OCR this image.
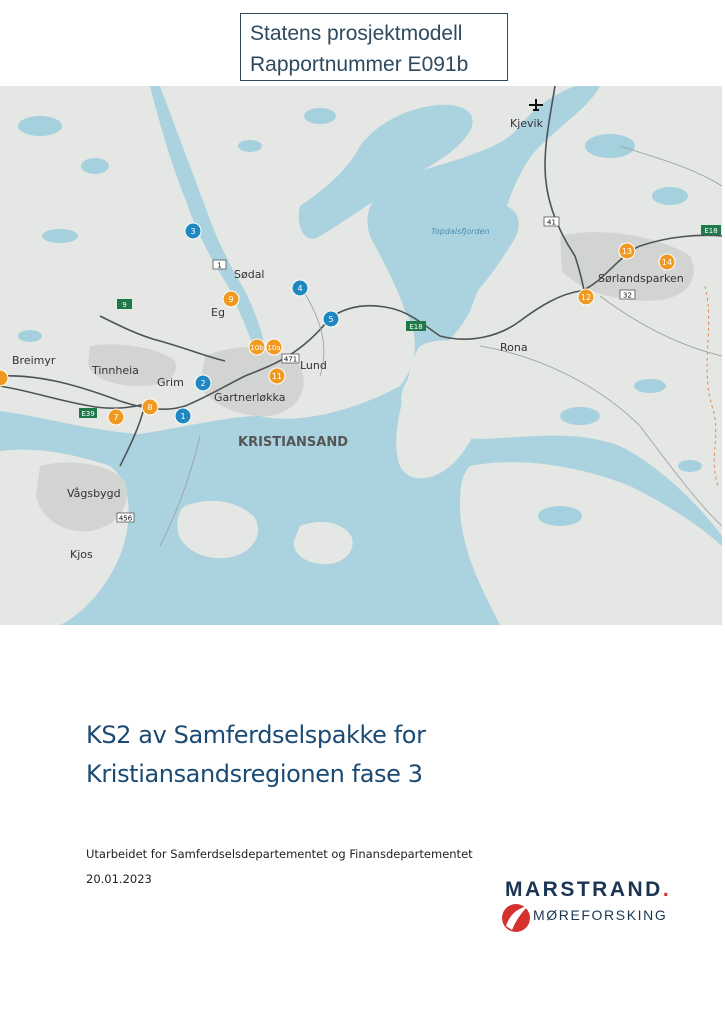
Statens prosjektmodell
Rapportnummer E091b
1
9
E18
E18
41
32
471
E39
456
Kjevik
Topdalsfjorden
Sødal
Eg
Breimyr
Tinnheia
Grim
Gartnerløkka
Lund
KRISTIANSAND
Rona
Sørlandsparken
Vågsbygd
Kjos
1
2
3
4
5
7
8
9
10b 10a
11
12
13
14
KS2 av Samferdselspakke for
Kristiansandsregionen fase 3
Utarbeidet for Samferdselsdepartementet og Finansdepartementet
20.01.2023	MARSTRAND.
MØREFORSKING
